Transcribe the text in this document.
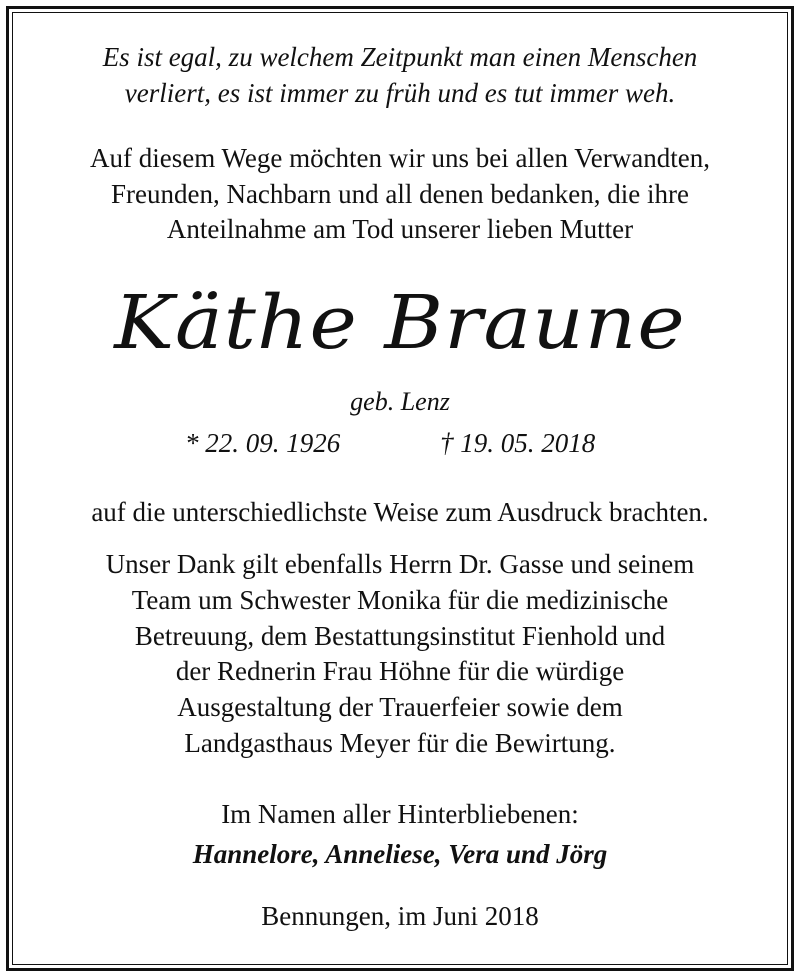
Es ist egal, zu welchem Zeitpunkt man einen Menschen
verliert, es ist immer zu früh und es tut immer weh.
Auf diesem Wege möchten wir uns bei allen Verwandten,
Freunden, Nachbarn und all denen bedanken, die ihre
Anteilnahme am Tod unserer lieben Mutter
Käthe Braune
geb. Lenz
* 22. 09. 1926	† 19. 05. 2018
auf die unterschiedlichste Weise zum Ausdruck brachten.
Unser Dank gilt ebenfalls Herrn Dr. Gasse und seinem
Team um Schwester Monika für die medizinische
Betreuung, dem Bestattungsinstitut Fienhold und
der Rednerin Frau Höhne für die würdige
Ausgestaltung der Trauerfeier sowie dem
Landgasthaus Meyer für die Bewirtung.
Im Namen aller Hinterbliebenen:
Hannelore, Anneliese, Vera und Jörg
Bennungen, im Juni 2018
